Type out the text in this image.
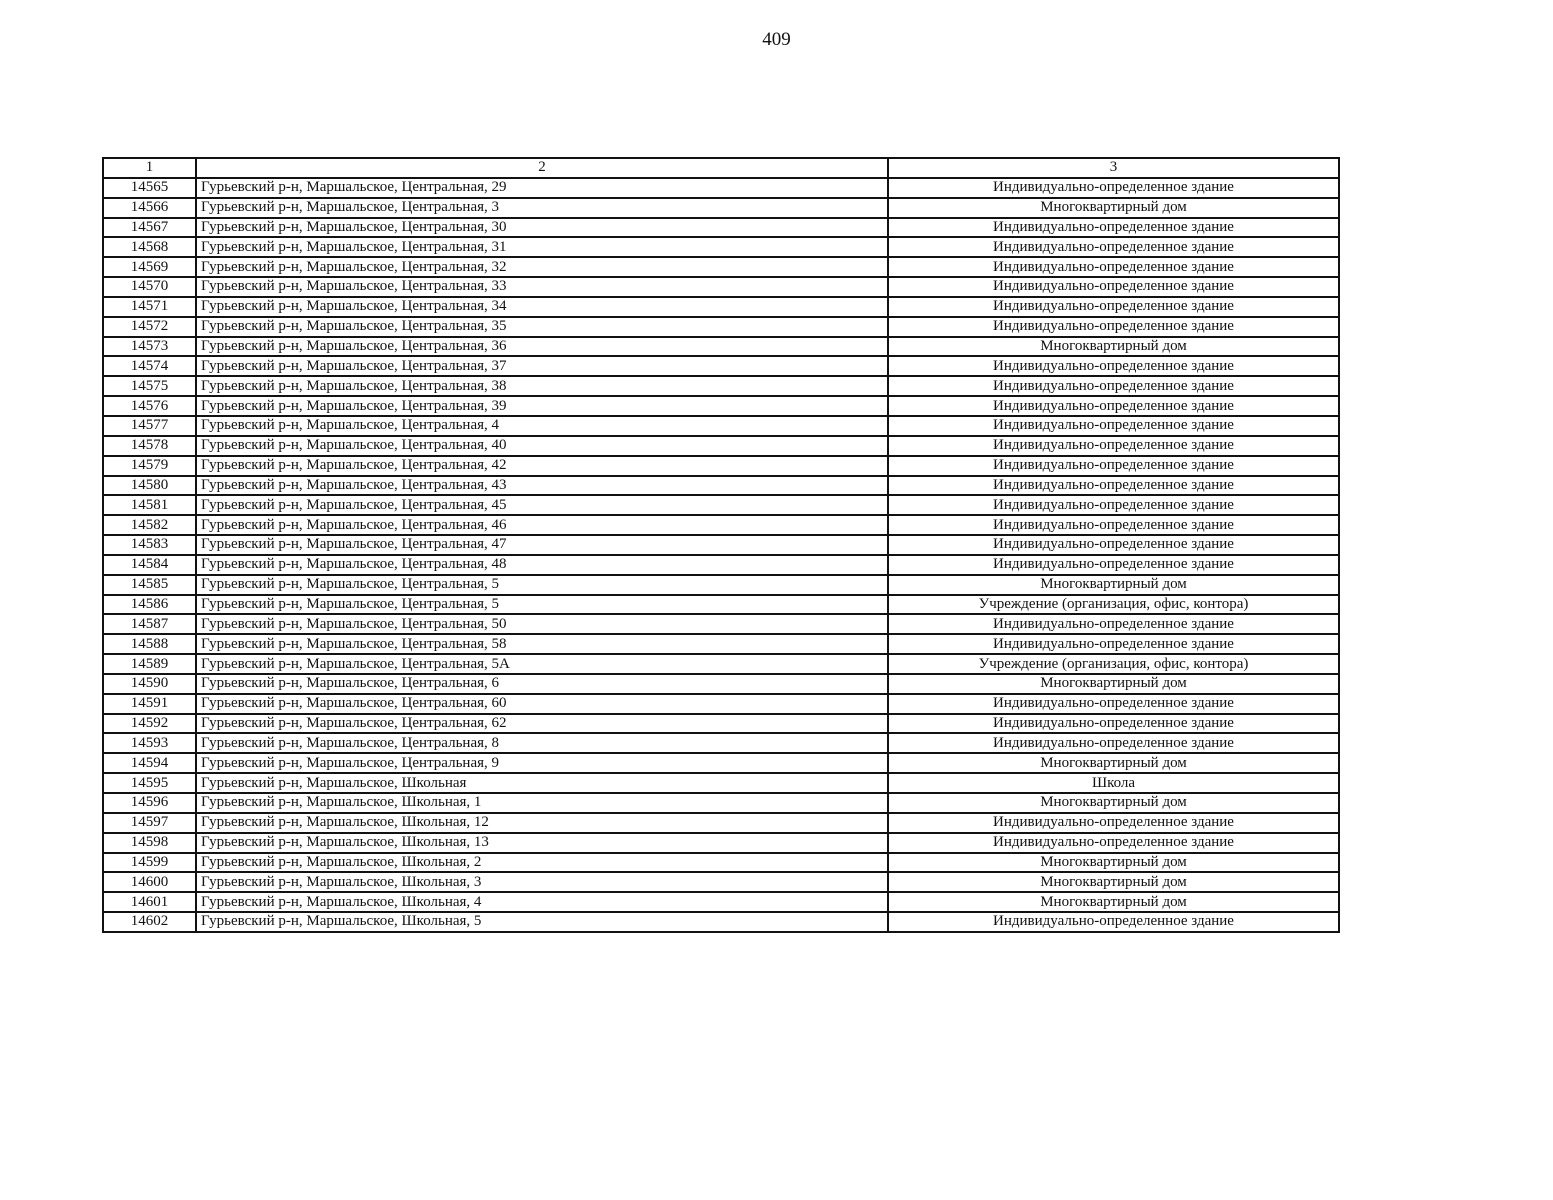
409
1	2	3
14565	Гурьевский р-н, Маршальское, Центральная, 29	Индивидуально-определенное здание
14566	Гурьевский р-н, Маршальское, Центральная, 3	Многоквартирный дом
14567	Гурьевский р-н, Маршальское, Центральная, 30	Индивидуально-определенное здание
14568	Гурьевский р-н, Маршальское, Центральная, 31	Индивидуально-определенное здание
14569	Гурьевский р-н, Маршальское, Центральная, 32	Индивидуально-определенное здание
14570	Гурьевский р-н, Маршальское, Центральная, 33	Индивидуально-определенное здание
14571	Гурьевский р-н, Маршальское, Центральная, 34	Индивидуально-определенное здание
14572	Гурьевский р-н, Маршальское, Центральная, 35	Индивидуально-определенное здание
14573	Гурьевский р-н, Маршальское, Центральная, 36	Многоквартирный дом
14574	Гурьевский р-н, Маршальское, Центральная, 37	Индивидуально-определенное здание
14575	Гурьевский р-н, Маршальское, Центральная, 38	Индивидуально-определенное здание
14576	Гурьевский р-н, Маршальское, Центральная, 39	Индивидуально-определенное здание
14577	Гурьевский р-н, Маршальское, Центральная, 4	Индивидуально-определенное здание
14578	Гурьевский р-н, Маршальское, Центральная, 40	Индивидуально-определенное здание
14579	Гурьевский р-н, Маршальское, Центральная, 42	Индивидуально-определенное здание
14580	Гурьевский р-н, Маршальское, Центральная, 43	Индивидуально-определенное здание
14581	Гурьевский р-н, Маршальское, Центральная, 45	Индивидуально-определенное здание
14582	Гурьевский р-н, Маршальское, Центральная, 46	Индивидуально-определенное здание
14583	Гурьевский р-н, Маршальское, Центральная, 47	Индивидуально-определенное здание
14584	Гурьевский р-н, Маршальское, Центральная, 48	Индивидуально-определенное здание
14585	Гурьевский р-н, Маршальское, Центральная, 5	Многоквартирный дом
14586	Гурьевский р-н, Маршальское, Центральная, 5	Учреждение (организация, офис, контора)
14587	Гурьевский р-н, Маршальское, Центральная, 50	Индивидуально-определенное здание
14588	Гурьевский р-н, Маршальское, Центральная, 58	Индивидуально-определенное здание
14589	Гурьевский р-н, Маршальское, Центральная, 5А	Учреждение (организация, офис, контора)
14590	Гурьевский р-н, Маршальское, Центральная, 6	Многоквартирный дом
14591	Гурьевский р-н, Маршальское, Центральная, 60	Индивидуально-определенное здание
14592	Гурьевский р-н, Маршальское, Центральная, 62	Индивидуально-определенное здание
14593	Гурьевский р-н, Маршальское, Центральная, 8	Индивидуально-определенное здание
14594	Гурьевский р-н, Маршальское, Центральная, 9	Многоквартирный дом
14595	Гурьевский р-н, Маршальское, Школьная	Школа
14596	Гурьевский р-н, Маршальское, Школьная, 1	Многоквартирный дом
14597	Гурьевский р-н, Маршальское, Школьная, 12	Индивидуально-определенное здание
14598	Гурьевский р-н, Маршальское, Школьная, 13	Индивидуально-определенное здание
14599	Гурьевский р-н, Маршальское, Школьная, 2	Многоквартирный дом
14600	Гурьевский р-н, Маршальское, Школьная, 3	Многоквартирный дом
14601	Гурьевский р-н, Маршальское, Школьная, 4	Многоквартирный дом
14602	Гурьевский р-н, Маршальское, Школьная, 5	Индивидуально-определенное здание
